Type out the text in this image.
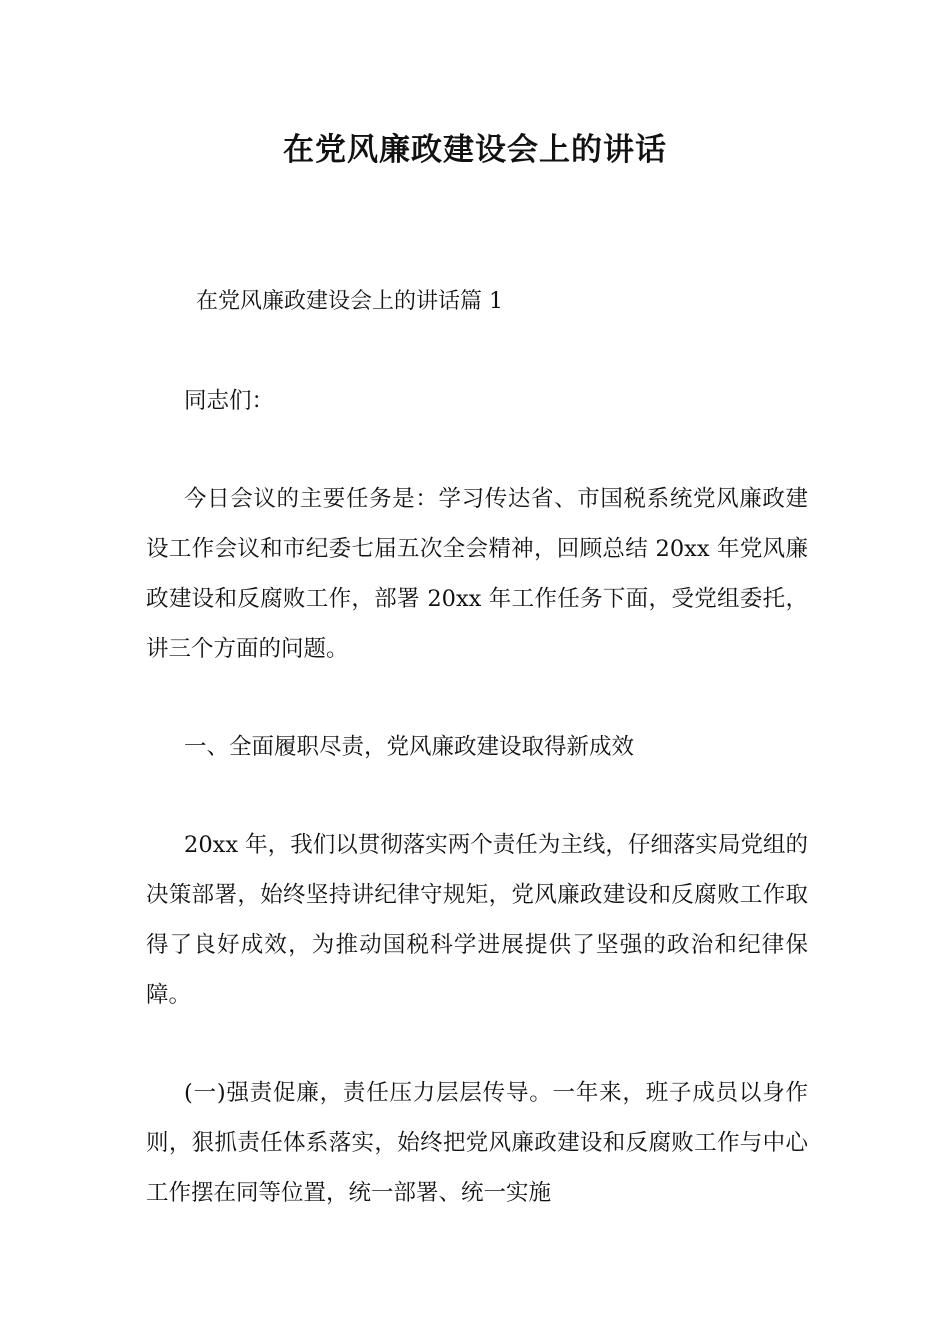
在党风廉政建设会上的讲话

在党风廉政建设会上的讲话篇 1

同志们：

今日会议的主要任务是：学习传达省、市国税系统党风廉政建设工作会议和市纪委七届五次全会精神，回顾总结 20xx 年党风廉政建设和反腐败工作，部署 20xx 年工作任务下面，受党组委托，讲三个方面的问题。

一、全面履职尽责，党风廉政建设取得新成效

20xx 年，我们以贯彻落实两个责任为主线，仔细落实局党组的决策部署，始终坚持讲纪律守规矩，党风廉政建设和反腐败工作取得了良好成效，为推动国税科学进展提供了坚强的政治和纪律保障。

(一)强责促廉，责任压力层层传导。一年来，班子成员以身作则，狠抓责任体系落实，始终把党风廉政建设和反腐败工作与中心工作摆在同等位置，统一部署、统一实施
